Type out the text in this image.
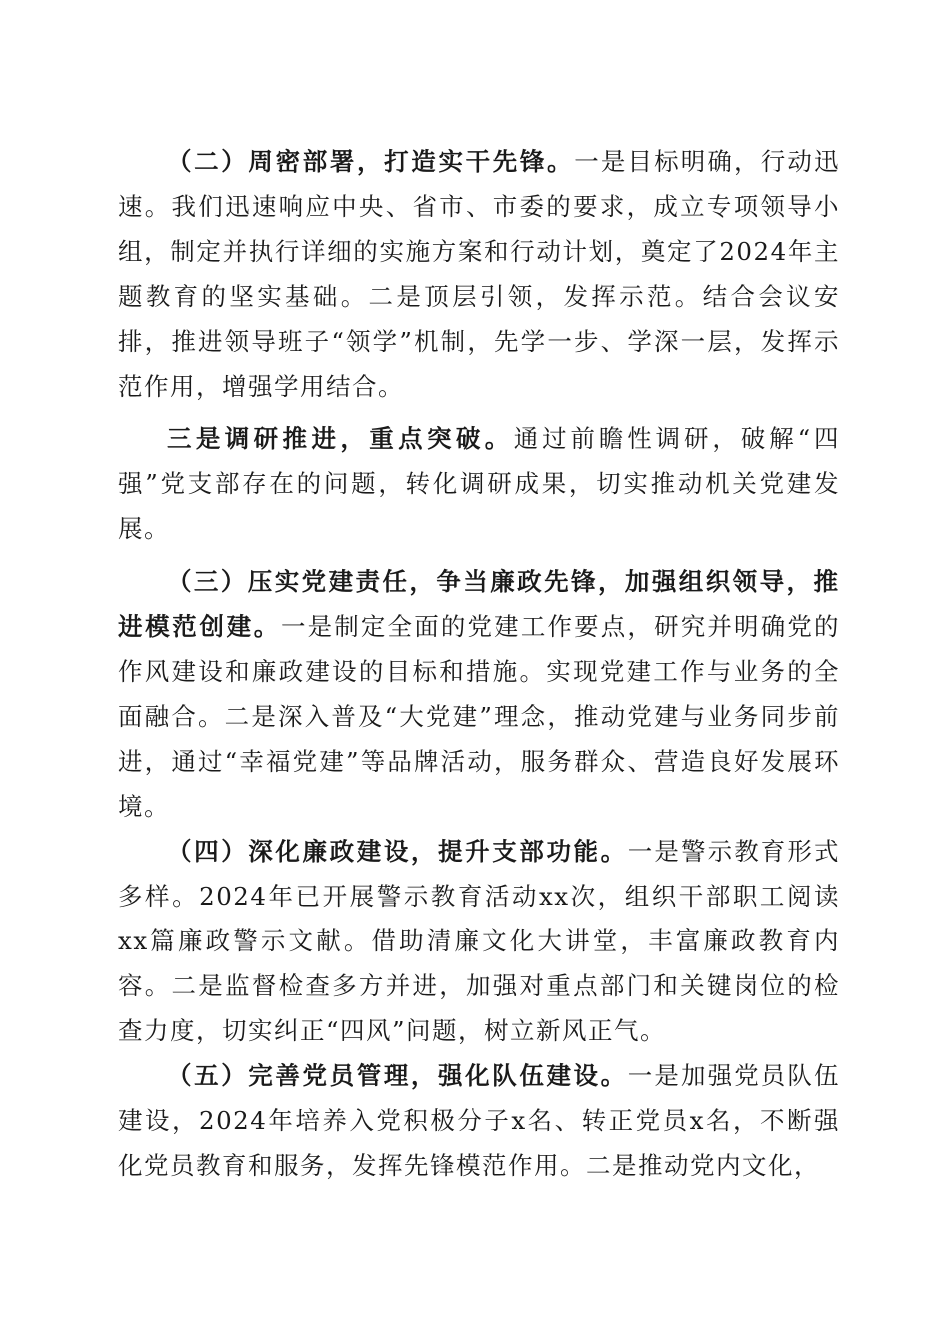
（二）周密部署，打造实干先锋。一是目标明确，行动迅速。我们迅速响应中央、省市、市委的要求，成立专项领导小组，制定并执行详细的实施方案和行动计划，奠定了2024年主题教育的坚实基础。二是顶层引领，发挥示范。结合会议安排，推进领导班子“领学”机制，先学一步、学深一层，发挥示范作用，增强学用结合。

三是调研推进，重点突破。通过前瞻性调研，破解“四强”党支部存在的问题，转化调研成果，切实推动机关党建发展。

（三）压实党建责任，争当廉政先锋，加强组织领导，推进模范创建。一是制定全面的党建工作要点，研究并明确党的作风建设和廉政建设的目标和措施。实现党建工作与业务的全面融合。二是深入普及“大党建”理念，推动党建与业务同步前进，通过“幸福党建”等品牌活动，服务群众、营造良好发展环境。

（四）深化廉政建设，提升支部功能。一是警示教育形式多样。2024年已开展警示教育活动xx次，组织干部职工阅读xx篇廉政警示文献。借助清廉文化大讲堂，丰富廉政教育内容。二是监督检查多方并进，加强对重点部门和关键岗位的检查力度，切实纠正“四风”问题，树立新风正气。

（五）完善党员管理，强化队伍建设。一是加强党员队伍建设，2024年培养入党积极分子x名、转正党员x名，不断强化党员教育和服务，发挥先锋模范作用。二是推动党内文化，
